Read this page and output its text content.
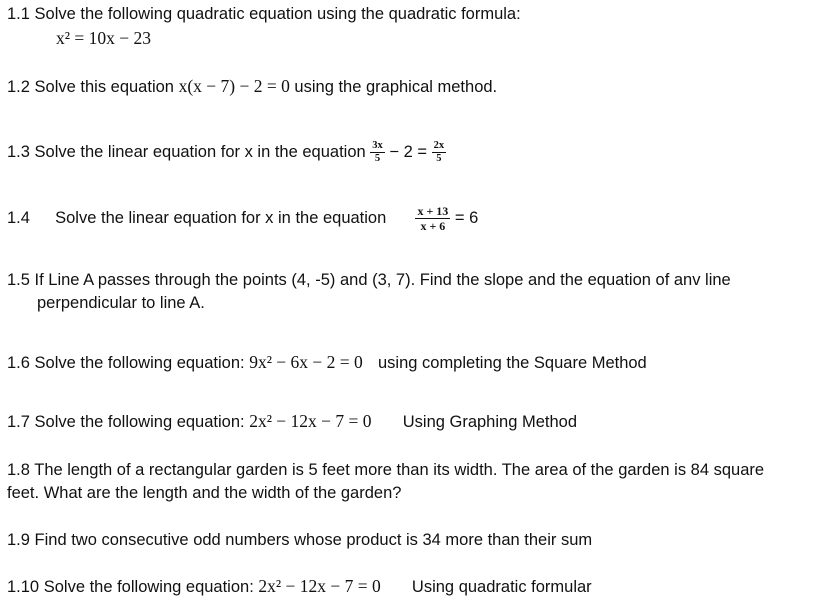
1.1 Solve the following quadratic equation using the quadratic formula:
x² = 10x − 23
1.2 Solve this equation x(x − 7) − 2 = 0 using the graphical method.
1.3 Solve the linear equation for x in the equation $\frac{3x}{5} - 2 = \frac{2x}{5}$
1.4 Solve the linear equation for x in the equation $\frac{x + 13}{x + 6} = 6$
1.5 If Line A passes through the points (4, -5) and (3, 7). Find the slope and the equation of anv line
perpendicular to line A.
1.6 Solve the following equation: 9x² − 6x − 2 = 0 using completing the Square Method
1.7 Solve the following equation: 2x² − 12x − 7 = 0 Using Graphing Method
1.8 The length of a rectangular garden is 5 feet more than its width. The area of the garden is 84 square
feet. What are the length and the width of the garden?
1.9 Find two consecutive odd numbers whose product is 34 more than their sum
1.10 Solve the following equation: 2x² − 12x − 7 = 0 Using quadratic formular
